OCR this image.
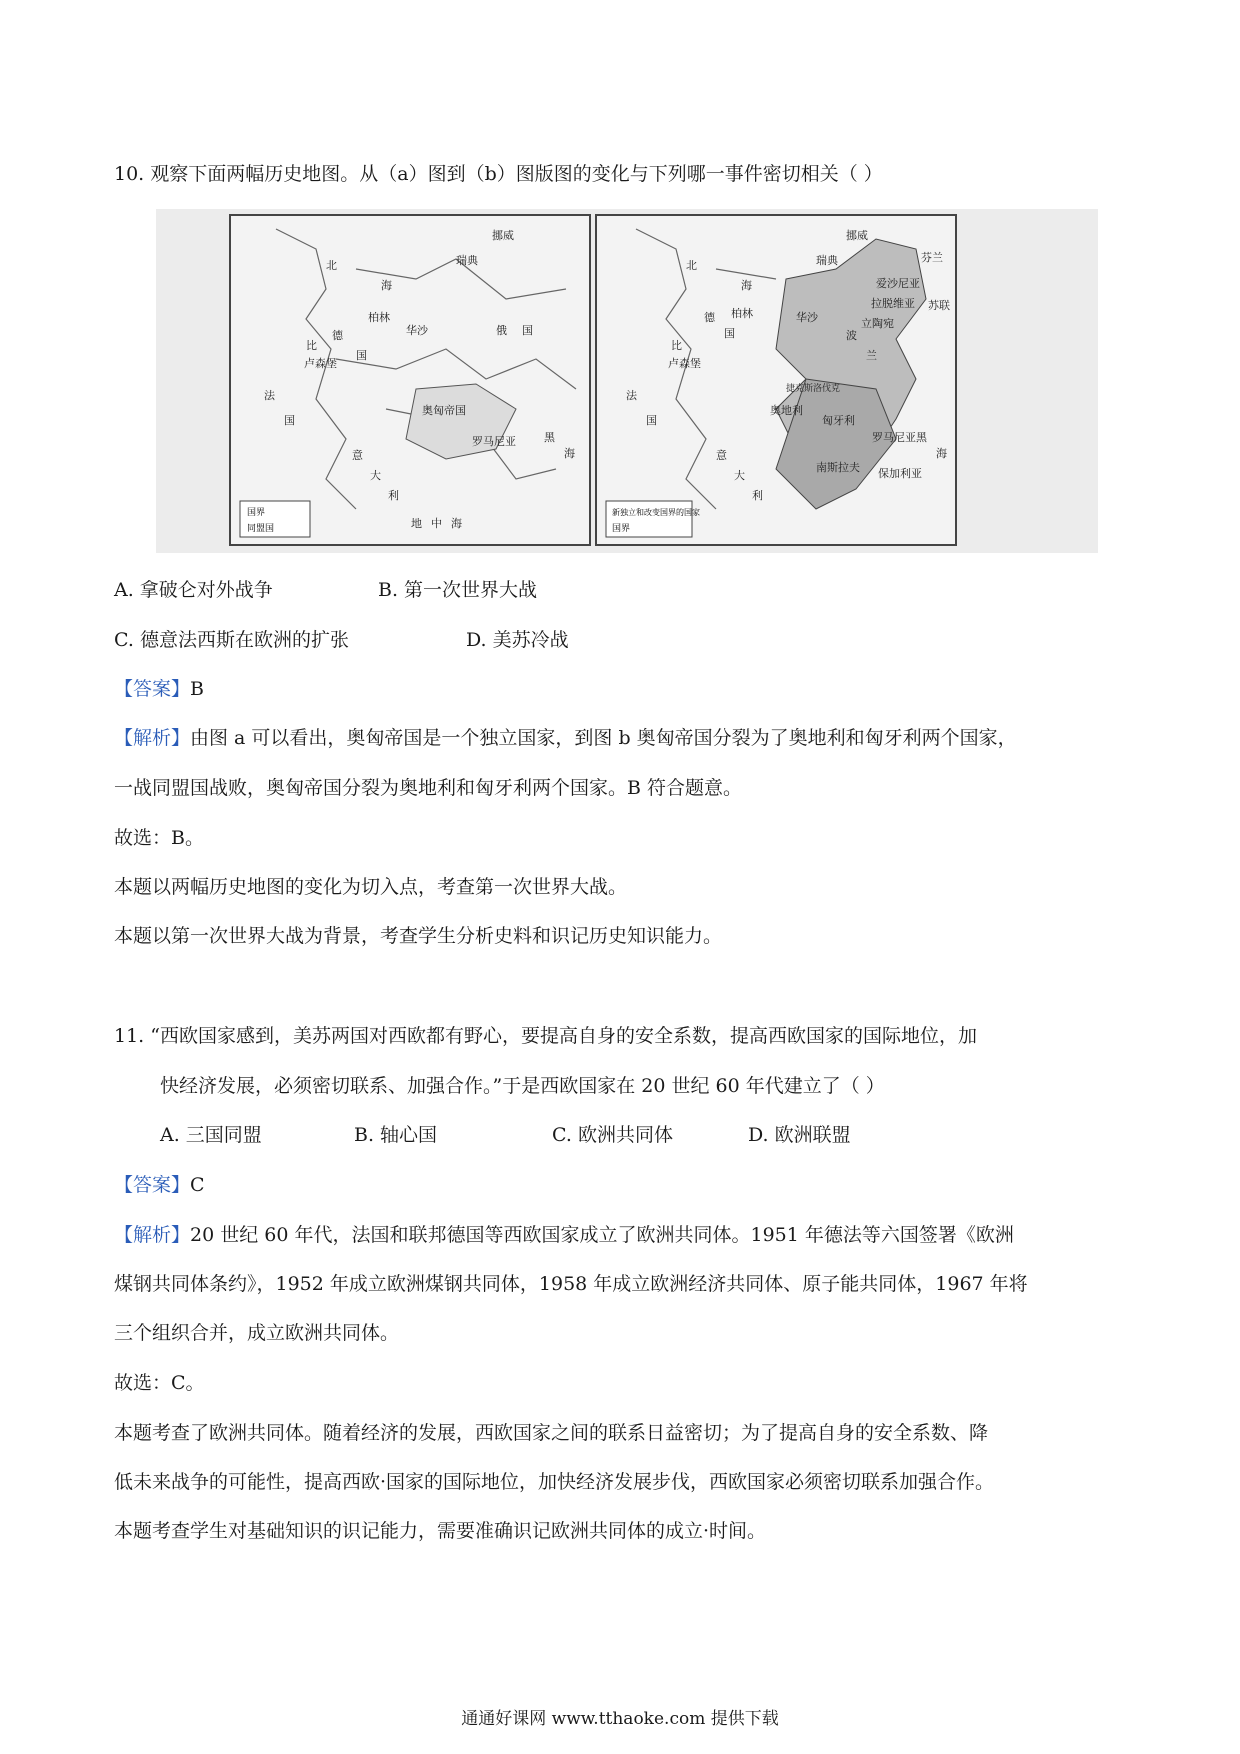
10. 观察下面两幅历史地图。从（a）图到（b）图版图的变化与下列哪一事件密切相关（ ）
国界
同盟国
挪威
瑞典
北
海
德
国
柏林
华沙	俄 国
法
国
意
大
利
地 中 海
奥匈帝国
罗马尼亚	黑
海
比
卢森堡
新独立和改变国界的国家
国界
挪威
瑞典	芬兰
爱沙尼亚
拉脱维亚
立陶宛
苏联
北
海
德
国
柏林	华沙
波
兰
法
国
意
大
利
奥地利
匈牙利
捷克斯洛伐克
罗马尼亚
南斯拉夫 保加利亚
黑
海
比
卢森堡
A. 拿破仑对外战争	B. 第一次世界大战
C. 德意法西斯在欧洲的扩张	D. 美苏冷战
【答案】B
【解析】由图 a 可以看出，奥匈帝国是一个独立国家，到图 b 奥匈帝国分裂为了奥地利和匈牙利两个国家，
一战同盟国战败，奥匈帝国分裂为奥地利和匈牙利两个国家。B 符合题意。
故选：B。
本题以两幅历史地图的变化为切入点，考查第一次世界大战。
本题以第一次世界大战为背景，考查学生分析史料和识记历史知识能力。
11. “西欧国家感到，美苏两国对西欧都有野心，要提高自身的安全系数，提高西欧国家的国际地位，加
快经济发展，必须密切联系、加强合作。”于是西欧国家在 20 世纪 60 年代建立了（ ）
A. 三国同盟	B. 轴心国	C. 欧洲共同体	D. 欧洲联盟
【答案】C
【解析】20 世纪 60 年代，法国和联邦德国等西欧国家成立了欧洲共同体。1951 年德法等六国签署《欧洲
煤钢共同体条约》，1952 年成立欧洲煤钢共同体，1958 年成立欧洲经济共同体、原子能共同体，1967 年将
三个组织合并，成立欧洲共同体。
故选：C。
本题考查了欧洲共同体。随着经济的发展，西欧国家之间的联系日益密切；为了提高自身的安全系数、降
低未来战争的可能性，提高西欧·国家的国际地位，加快经济发展步伐，西欧国家必须密切联系加强合作。
本题考查学生对基础知识的识记能力，需要准确识记欧洲共同体的成立·时间。
通通好课网 www.tthaoke.com 提供下载
